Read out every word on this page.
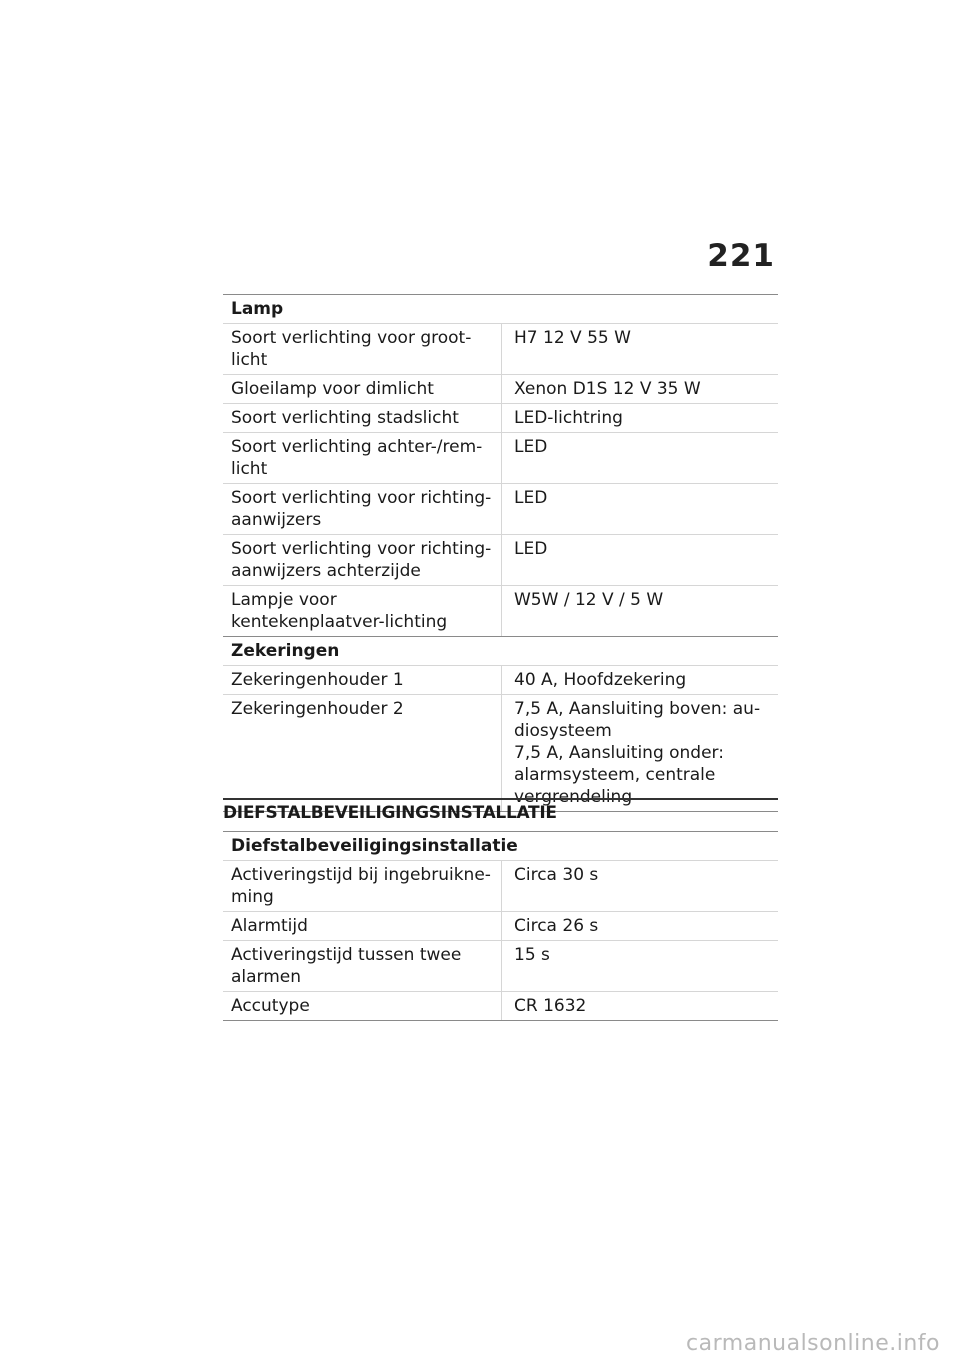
221
Lamp	
Soort verlichting voor groot-licht	H7 12 V 55 W
Gloeilamp voor dimlicht	Xenon D1S 12 V 35 W
Soort verlichting stadslicht	LED-lichtring
Soort verlichting achter-/rem-licht	LED
Soort verlichting voor richting-aanwijzers	LED
Soort verlichting voor richting-aanwijzers achterzijde	LED
Lampje voor kentekenplaatver-lichting	W5W / 12 V / 5 W
Zekeringen	
Zekeringenhouder 1	40 A, Hoofdzekering
Zekeringenhouder 2	7,5 A, Aansluiting boven: au-diosysteem
7,5 A, Aansluiting onder: alarmsysteem, centrale vergrendeling
DIEFSTALBEVEILIGINGSINSTALLATIE
Diefstalbeveiligingsinstallatie	
Activeringstijd bij ingebruikne-ming	Circa 30 s
Alarmtijd	Circa 26 s
Activeringstijd tussen twee alarmen	15 s
Accutype	CR 1632
carmanualsonline.info
